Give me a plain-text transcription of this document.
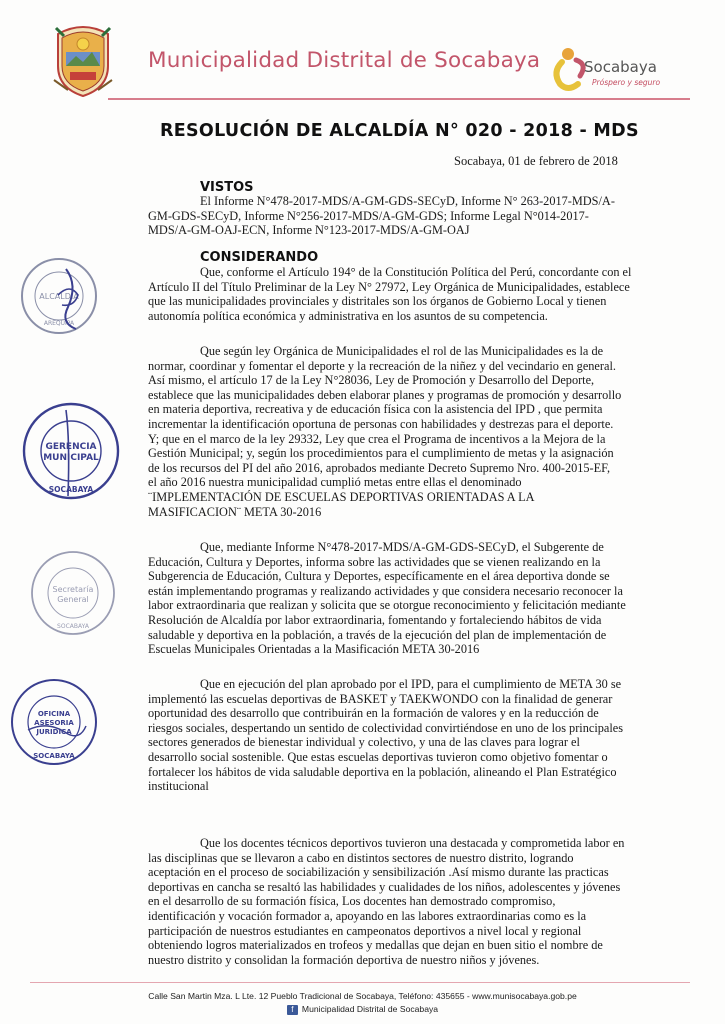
Municipalidad Distrital de Socabaya	Socabaya
Próspero y seguro
RESOLUCIÓN DE ALCALDÍA N° 020 - 2018 - MDS
Socabaya, 01 de febrero de 2018
VISTOS
El Informe N°478-2017-MDS/A-GM-GDS-SECyD, Informe N° 263-2017-MDS/A-
GM-GDS-SECyD, Informe N°256-2017-MDS/A-GM-GDS; Informe Legal N°014-2017-
MDS/A-GM-OAJ-ECN, Informe N°123-2017-MDS/A-GM-OAJ
CONSIDERANDO
Que, conforme el Artículo 194° de la Constitución Política del Perú, concordante con el
Artículo II del Título Preliminar de la Ley N° 27972, Ley Orgánica de Municipalidades, establece
que las municipalidades provinciales y distritales son los órganos de Gobierno Local y tienen
autonomía política económica y administrativa en los asuntos de su competencia.
Que según ley Orgánica de Municipalidades el rol de las Municipalidades es la de
normar, coordinar y fomentar el deporte y la recreación de la niñez y del vecindario en general.
Así mismo, el artículo 17 de la Ley N°28036, Ley de Promoción y Desarrollo del Deporte,
establece que las municipalidades deben elaborar planes y programas de promoción y desarrollo
en materia deportiva, recreativa y de educación física con la asistencia del IPD , que permita
incrementar la identificación oportuna de personas con habilidades y destrezas para el deporte.
Y; que en el marco de la ley 29332, Ley que crea el Programa de incentivos a la Mejora de la
Gestión Municipal; y, según los procedimientos para el cumplimiento de metas y la asignación
de los recursos del PI del año 2016, aprobados mediante Decreto Supremo Nro. 400-2015-EF,
el año 2016 nuestra municipalidad cumplió metas entre ellas el denominado
¨IMPLEMENTACIÓN DE ESCUELAS DEPORTIVAS ORIENTADAS A LA
MASIFICACION¨ META 30-2016
Que, mediante Informe N°478-2017-MDS/A-GM-GDS-SECyD, el Subgerente de
Educación, Cultura y Deportes, informa sobre las actividades que se vienen realizando en la
Subgerencia de Educación, Cultura y Deportes, específicamente en el área deportiva donde se
están implementando programas y realizando actividades y que considera necesario reconocer la
labor extraordinaria que realizan y solicita que se otorgue reconocimiento y felicitación mediante
Resolución de Alcaldía por labor extraordinaria, fomentando y fortaleciendo hábitos de vida
saludable y deportiva en la población, a través de la ejecución del plan de implementación de
Escuelas Municipales Orientadas a la Masificación META 30-2016
Que en ejecución del plan aprobado por el IPD, para el cumplimiento de META 30 se
implementó las escuelas deportivas de BASKET y TAEKWONDO con la finalidad de generar
oportunidad des desarrollo que contribuirán en la formación de valores y en la reducción de
riesgos sociales, despertando un sentido de colectividad convirtiéndose en uno de los principales
sectores generados de bienestar individual y colectivo, y una de las claves para lograr el
desarrollo social sostenible. Que estas escuelas deportivas tuvieron como objetivo fomentar o
fortalecer los hábitos de vida saludable deportiva en la población, alineando el Plan Estratégico
institucional
Que los docentes técnicos deportivos tuvieron una destacada y comprometida labor en
las disciplinas que se llevaron a cabo en distintos sectores de nuestro distrito, logrando
aceptación en el proceso de sociabilización y sensibilización .Así mismo durante las practicas
deportivas en cancha se resaltó las habilidades y cualidades de los niños, adolescentes y jóvenes
en el desarrollo de su formación física, Los docentes han demostrado compromiso,
identificación y vocación formador a, apoyando en las labores extraordinarias como es la
participación de nuestros estudiantes en campeonatos deportivos a nivel local y regional
obteniendo logros materializados en trofeos y medallas que dejan en buen sitio el nombre de
nuestro distrito y consolidan la formación deportiva de nuestro niños y jóvenes.
ALCALDÍA
AREQUIPA
GERENCIA
MUNICIPAL
SOCABAYA
Secretaría
General
SOCABAYA
OFICINA
ASESORIA
JURIDICA
SOCABAYA
Calle San Martin Mza. L Lte. 12 Pueblo Tradicional de Socabaya, Teléfono: 435655 - www.munisocabaya.gob.pe
f Municipalidad Distrital de Socabaya
